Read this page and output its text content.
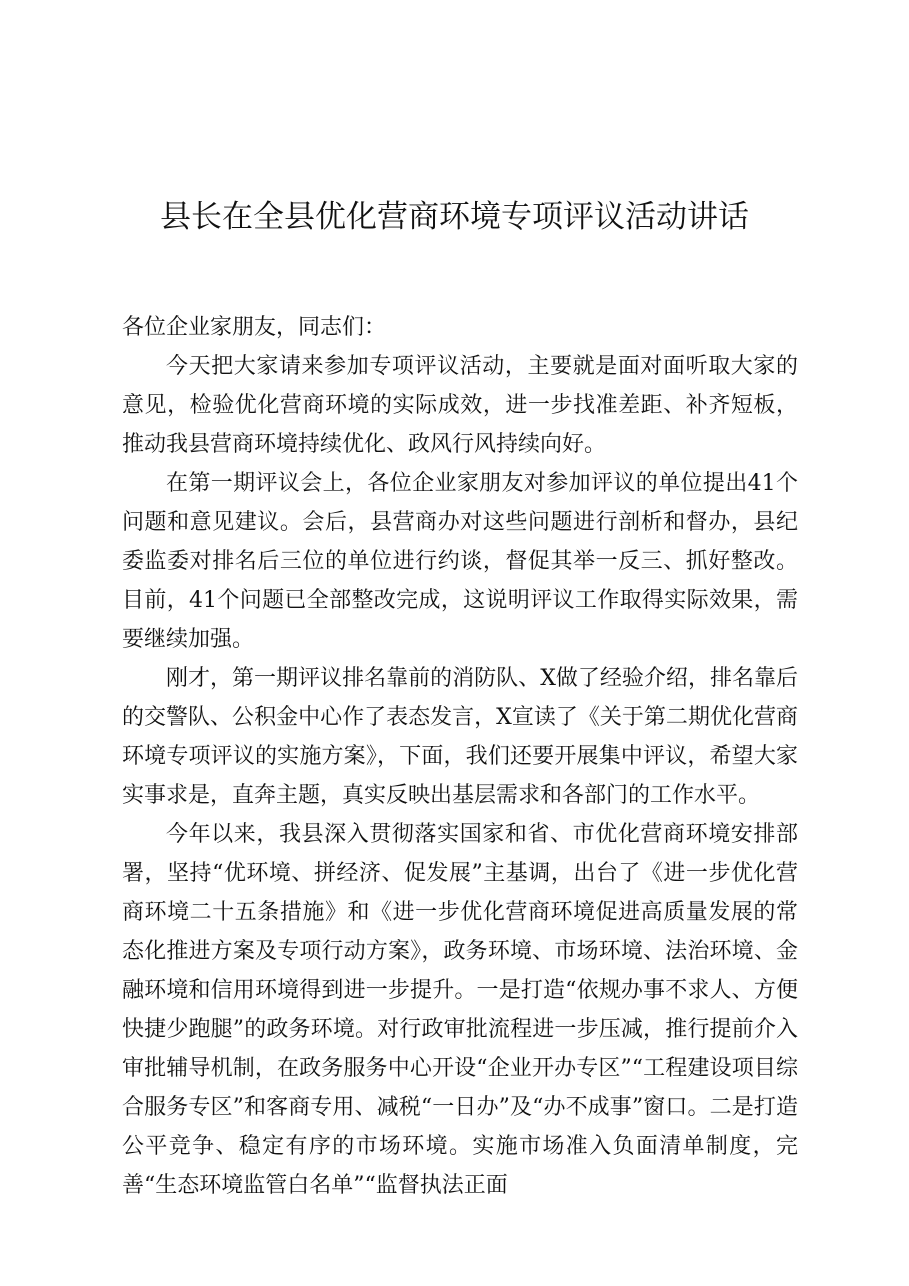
县长在全县优化营商环境专项评议活动讲话

各位企业家朋友，同志们：

今天把大家请来参加专项评议活动，主要就是面对面听取大家的意见，检验优化营商环境的实际成效，进一步找准差距、补齐短板，推动我县营商环境持续优化、政风行风持续向好。

在第一期评议会上，各位企业家朋友对参加评议的单位提出41个问题和意见建议。会后，县营商办对这些问题进行剖析和督办，县纪委监委对排名后三位的单位进行约谈，督促其举一反三、抓好整改。目前，41个问题已全部整改完成，这说明评议工作取得实际效果，需要继续加强。

刚才，第一期评议排名靠前的消防队、X做了经验介绍，排名靠后的交警队、公积金中心作了表态发言，X宣读了《关于第二期优化营商环境专项评议的实施方案》，下面，我们还要开展集中评议，希望大家实事求是，直奔主题，真实反映出基层需求和各部门的工作水平。

今年以来，我县深入贯彻落实国家和省、市优化营商环境安排部署，坚持“优环境、拼经济、促发展”主基调，出台了《进一步优化营商环境二十五条措施》和《进一步优化营商环境促进高质量发展的常态化推进方案及专项行动方案》，政务环境、市场环境、法治环境、金融环境和信用环境得到进一步提升。一是打造“依规办事不求人、方便快捷少跑腿”的政务环境。对行政审批流程进一步压减，推行提前介入审批辅导机制，在政务服务中心开设“企业开办专区”“工程建设项目综合服务专区”和客商专用、减税“一日办”及“办不成事”窗口。二是打造公平竞争、稳定有序的市场环境。实施市场准入负面清单制度，完善“生态环境监管白名单”“监督执法正面
